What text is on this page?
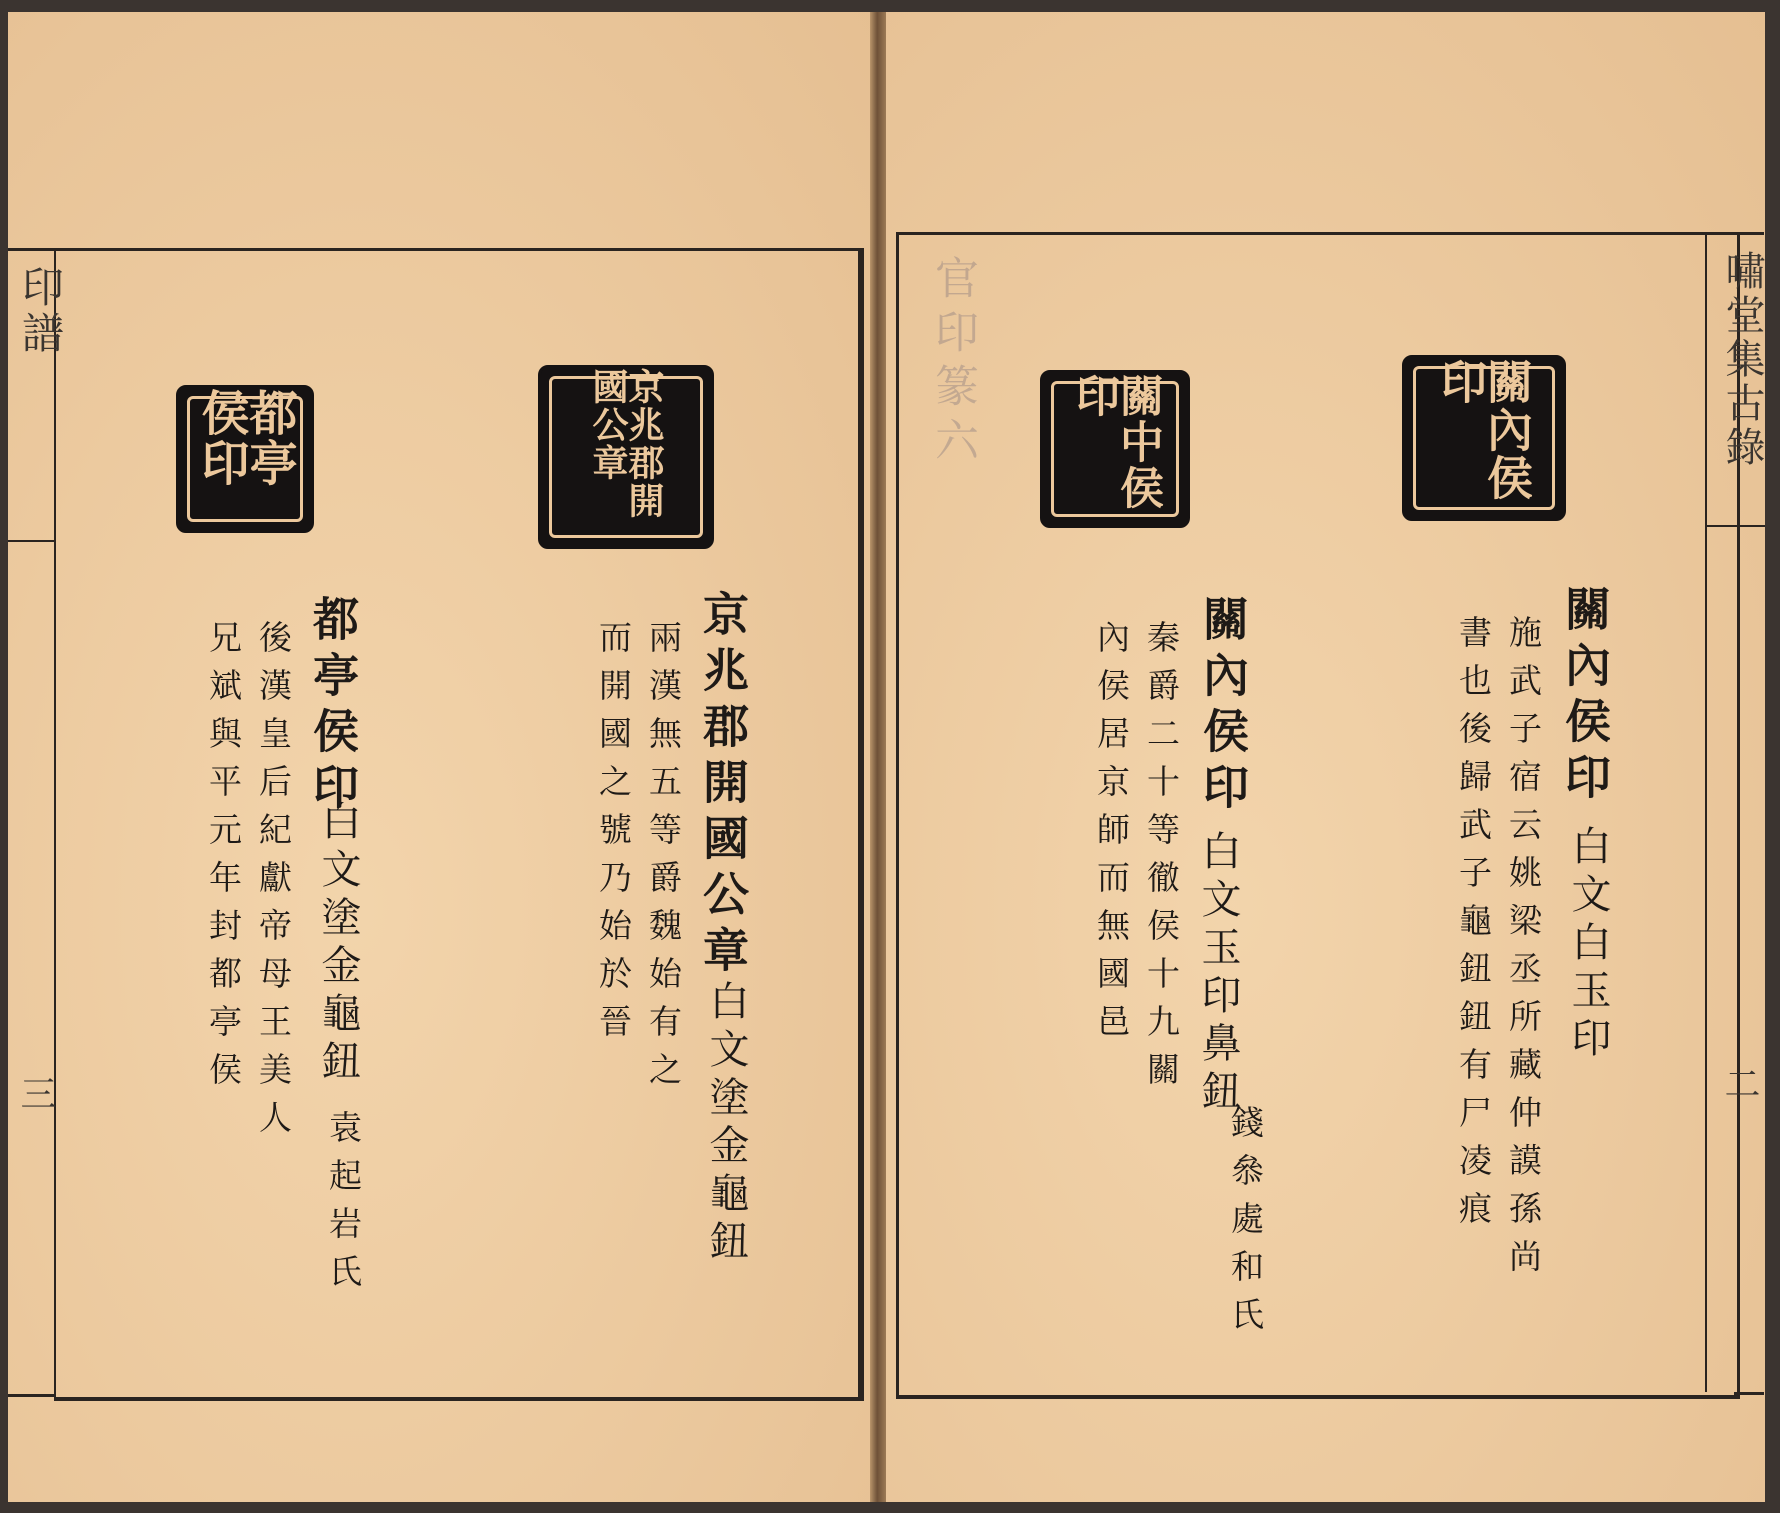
印譜
三
嘯堂集古錄
二
官印篆六
都亭侯印	京兆郡開國公章
京兆郡開國公章
兩漢無五等爵魏始有之
而開國之號乃始於晉
白文塗金龜鈕
都亭侯印
後漢皇后紀獻帝母王美人
兄斌與平元年封都亭侯 白文塗金龜鈕
袁起岩氏
關內侯印
關中侯印
關內侯印
施武子宿云姚梁丞所藏仲謨孫尚
書也後歸武子龜鈕鈕有尸凌痕 白文白玉印
關內侯印
秦爵二十等徹侯十九關
內侯居京師而無國邑 白文玉印鼻鈕
錢叅處和氏
